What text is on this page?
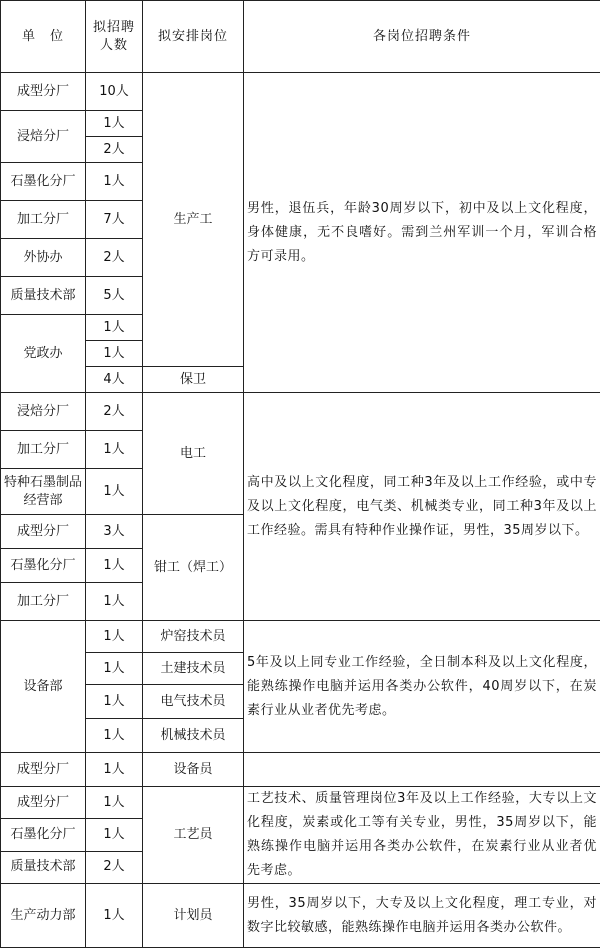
单　位	拟招聘人数	拟安排岗位	各岗位招聘条件
成型分厂	10人	生产工	男性，退伍兵，年龄30周岁以下，初中及以上文化程度，身体健康，无不良嗜好。需到兰州军训一个月，军训合格方可录用。
浸焙分厂	1人		
	2人		
石墨化分厂	1人		
加工分厂	7人		
外协办	2人		
质量技术部	5人		
党政办	1人		
	1人		
	4人	保卫	
浸焙分厂	2人	电工	高中及以上文化程度，同工种3年及以上工作经验，或中专及以上文化程度，电气类、机械类专业，同工种3年及以上工作经验。需具有特种作业操作证，男性，35周岁以下。
加工分厂	1人		
特种石墨制品经营部	1人		
成型分厂	3人	钳工（焊工）	
石墨化分厂	1人		
加工分厂	1人		
设备部	1人	炉窑技术员	5年及以上同专业工作经验，全日制本科及以上文化程度，能熟练操作电脑并运用各类办公软件，40周岁以下，在炭素行业从业者优先考虑。
	1人	土建技术员	
	1人	电气技术员	
	1人	机械技术员	
成型分厂	1人	设备员	
成型分厂	1人	工艺员	工艺技术、质量管理岗位3年及以上工作经验，大专以上文化程度，炭素或化工等有关专业，男性，35周岁以下，能熟练操作电脑并运用各类办公软件，在炭素行业从业者优先考虑。
石墨化分厂	1人		
质量技术部	2人		
生产动力部	1人	计划员	男性，35周岁以下，大专及以上文化程度，理工专业，对数字比较敏感，能熟练操作电脑并运用各类办公软件。
